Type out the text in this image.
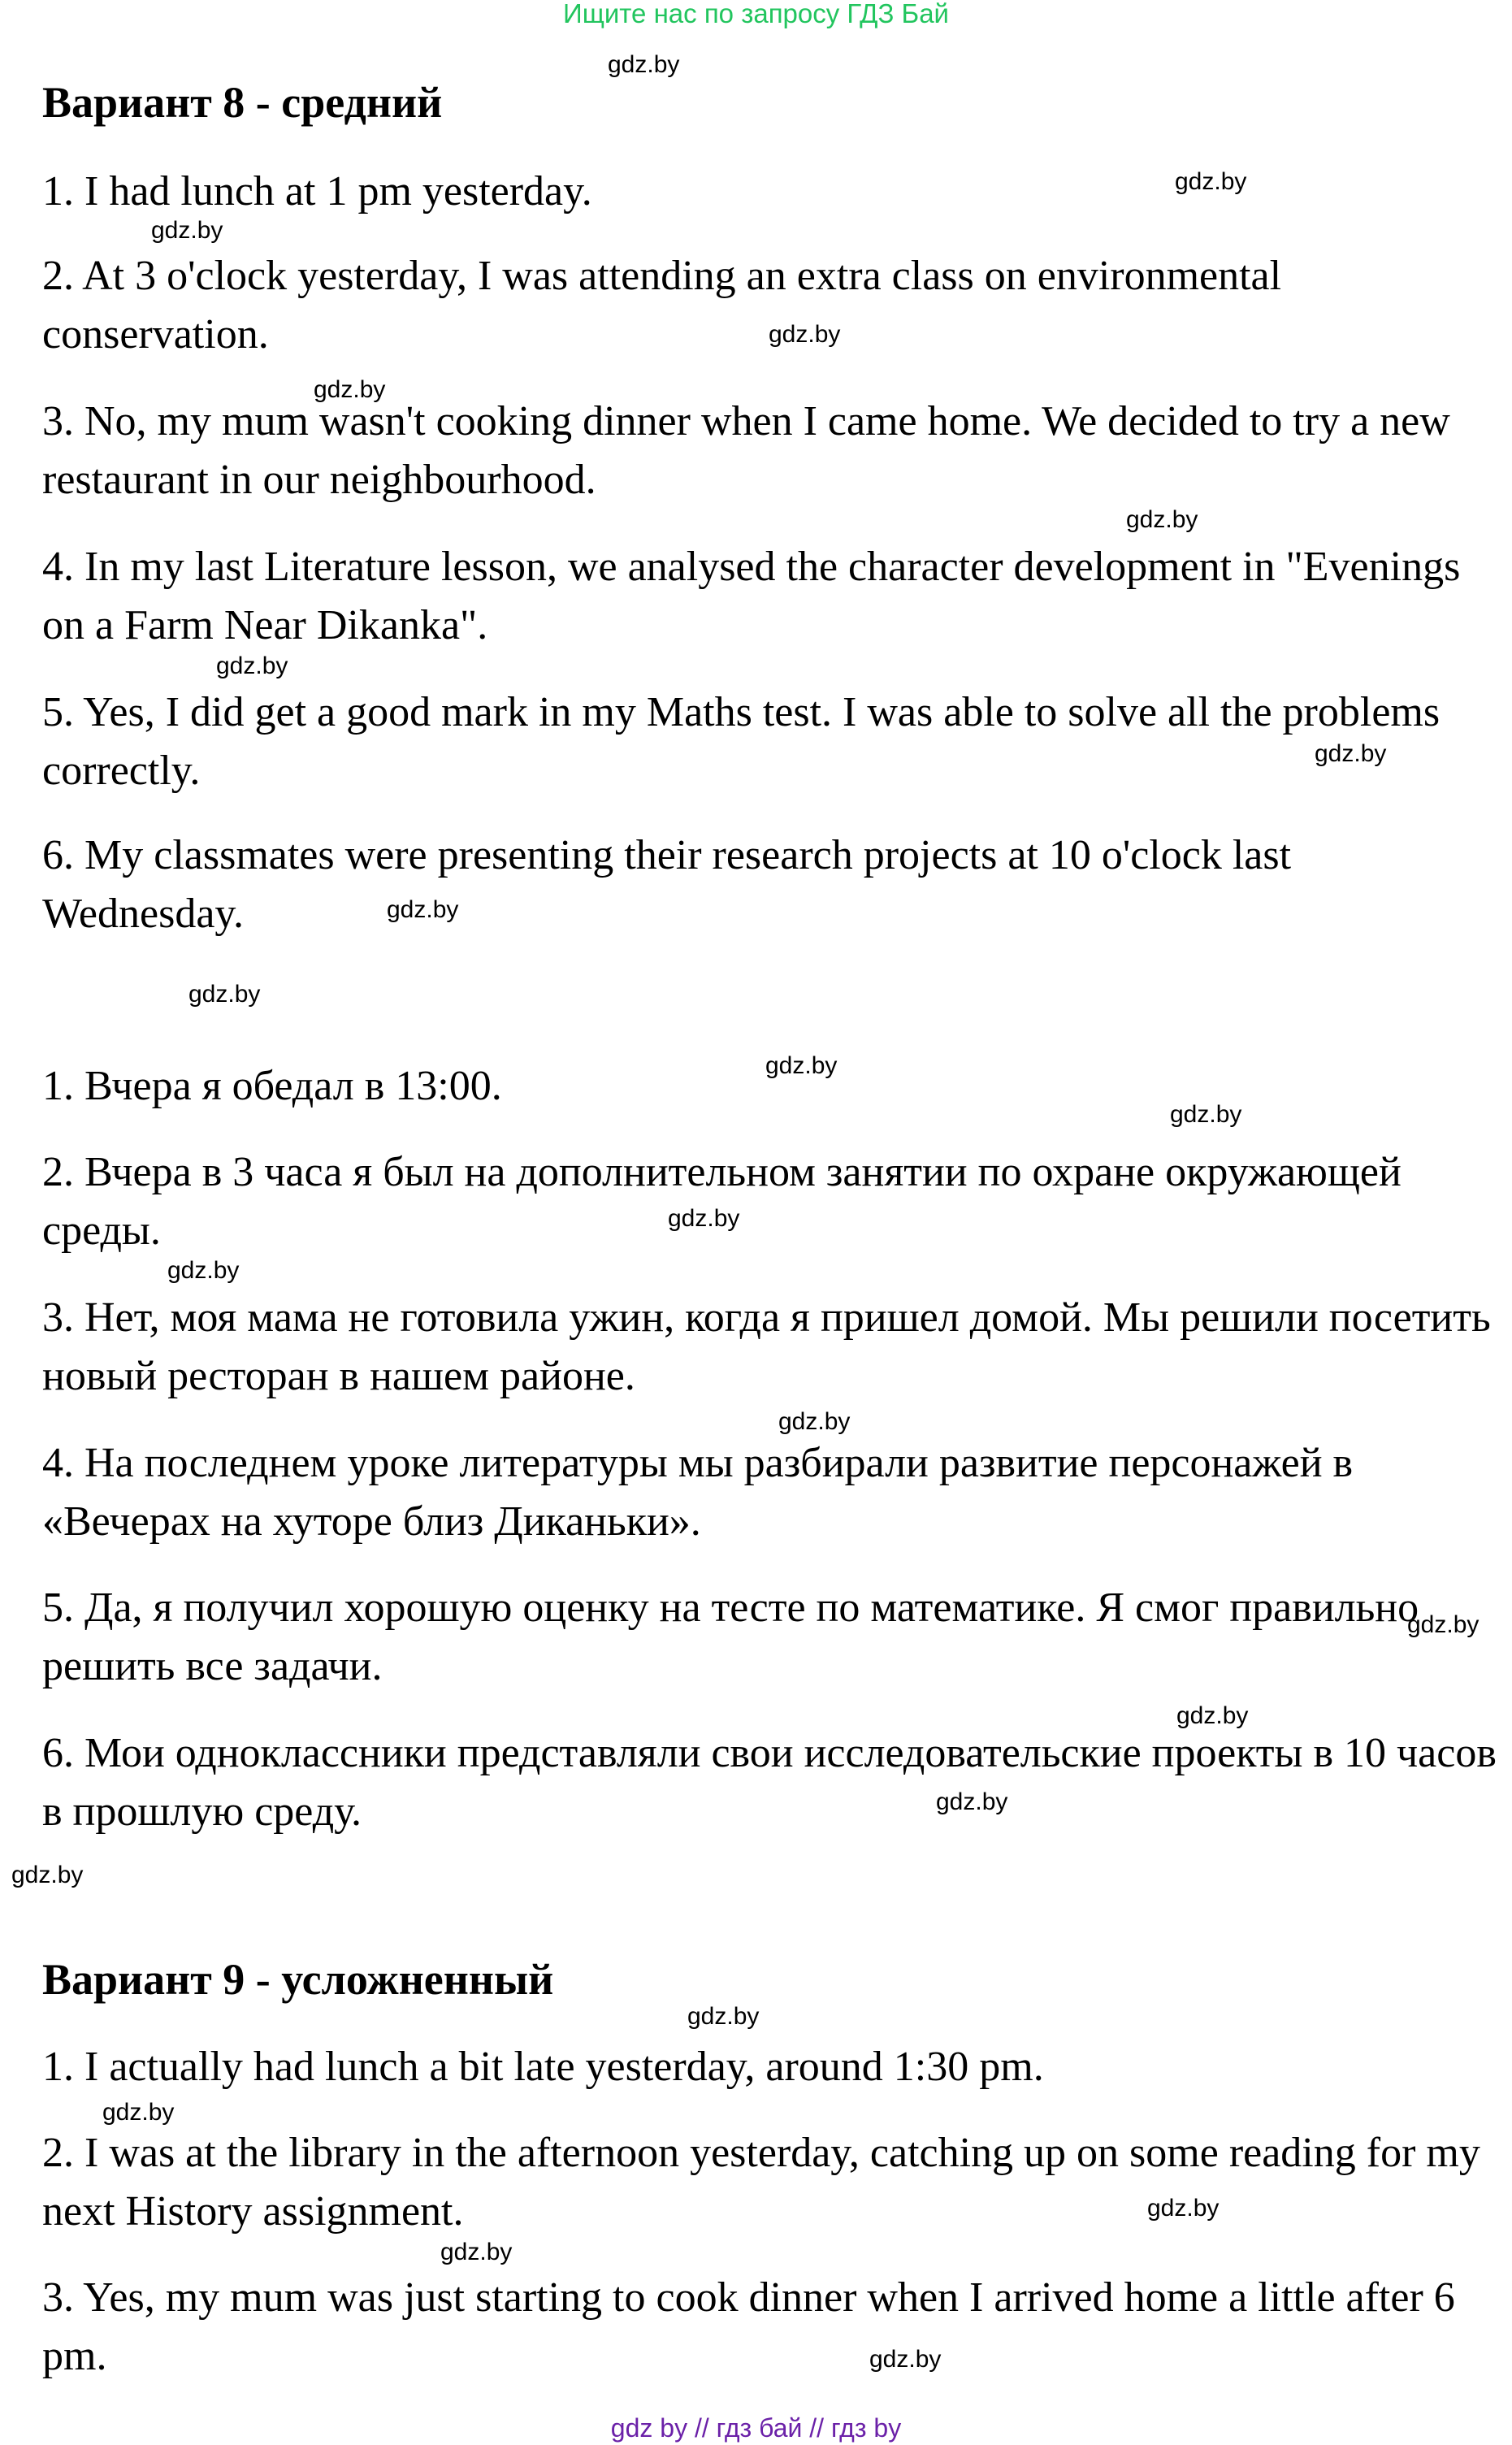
Ищите нас по запросу ГДЗ Бай
Вариант 8 - средний

1. I had lunch at 1 pm yesterday.

2. At 3 o'clock yesterday, I was attending an extra class on environmental conservation.

3. No, my mum wasn't cooking dinner when I came home. We decided to try a new restaurant in our neighbourhood.

4. In my last Literature lesson, we analysed the character development in "Evenings on a Farm Near Dikanka".

5. Yes, I did get a good mark in my Maths test. I was able to solve all the problems correctly.

6. My classmates were presenting their research projects at 10 o'clock last Wednesday.

1. Вчера я обедал в 13:00.

2. Вчера в 3 часа я был на дополнительном занятии по охране окружающей среды.

3. Нет, моя мама не готовила ужин, когда я пришел домой. Мы решили посетить новый ресторан в нашем районе.

4. На последнем уроке литературы мы разбирали развитие персонажей в «Вечерах на хуторе близ Диканьки».

5. Да, я получил хорошую оценку на тесте по математике. Я смог правильно решить все задачи.

6. Мои одноклассники представляли свои исследовательские проекты в 10 часов в прошлую среду.

Вариант 9 - усложненный

1. I actually had lunch a bit late yesterday, around 1:30 pm.

2. I was at the library in the afternoon yesterday, catching up on some reading for my next History assignment.

3. Yes, my mum was just starting to cook dinner when I arrived home a little after 6 pm.

gdz.by
gdz.by
gdz.by
gdz.by
gdz.by
gdz.by
gdz.by
gdz.by
gdz.by
gdz.by
gdz.by
gdz.by
gdz.by
gdz.by
gdz.by
gdz.by
gdz.by
gdz.by
gdz.by
gdz.by
gdz.by
gdz.by
gdz.by
gdz.by
gdz by // гдз бай // гдз by
